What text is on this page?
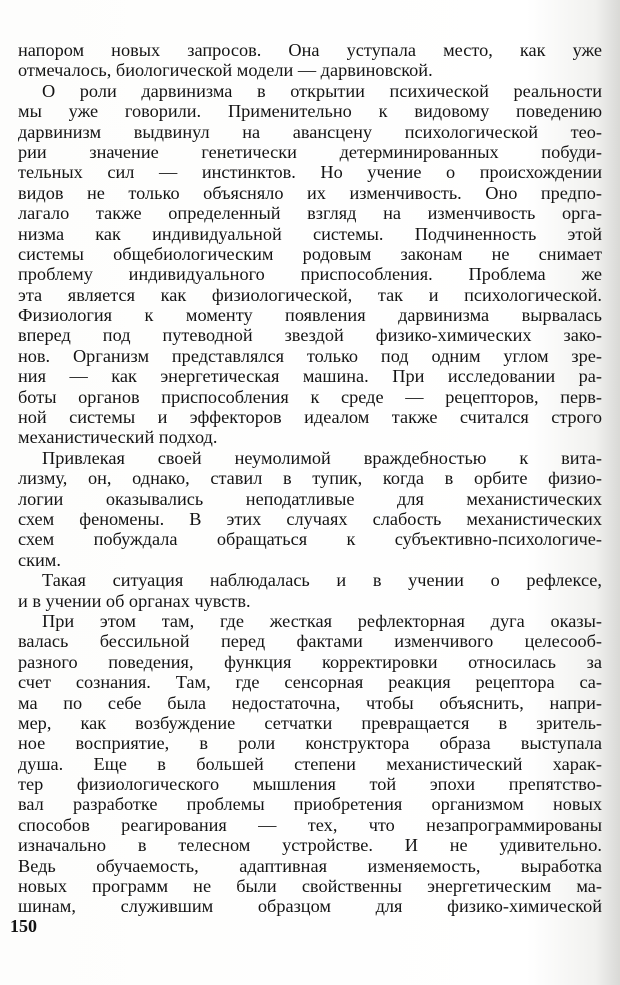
напором новых запросов. Она уступала место, как уже
отмечалось, биологической модели — дарвиновской.
О роли дарвинизма в открытии психической реальности
мы уже говорили. Применительно к видовому поведению
дарвинизм выдвинул на авансцену психологической тео-
рии значение генетически детерминированных побуди-
тельных сил — инстинктов. Но учение о происхождении
видов не только объясняло их изменчивость. Оно предпо-
лагало также определенный взгляд на изменчивость орга-
низма как индивидуальной системы. Подчиненность этой
системы общебиологическим родовым законам не снимает
проблему индивидуального приспособления. Проблема же
эта является как физиологической, так и психологической.
Физиология к моменту появления дарвинизма вырвалась
вперед под путеводной звездой физико-химических зако-
нов. Организм представлялся только под одним углом зре-
ния — как энергетическая машина. При исследовании ра-
боты органов приспособления к среде — рецепторов, перв-
ной системы и эффекторов идеалом также считался строго
механистический подход.
Привлекая своей неумолимой враждебностью к вита-
лизму, он, однако, ставил в тупик, когда в орбите физио-
логии оказывались неподатливые для механистических
схем феномены. В этих случаях слабость механистических
схем побуждала обращаться к субъективно-психологиче-
ским.
Такая ситуация наблюдалась и в учении о рефлексе,
и в учении об органах чувств.
При этом там, где жесткая рефлекторная дуга оказы-
валась бессильной перед фактами изменчивого целесооб-
разного поведения, функция корректировки относилась за
счет сознания. Там, где сенсорная реакция рецептора са-
ма по себе была недостаточна, чтобы объяснить, напри-
мер, как возбуждение сетчатки превращается в зритель-
ное восприятие, в роли конструктора образа выступала
душа. Еще в большей степени механистический харак-
тер физиологического мышления той эпохи препятство-
вал разработке проблемы приобретения организмом новых
способов реагирования — тех, что незапрограммированы
изначально в телесном устройстве. И не удивительно.
Ведь обучаемость, адаптивная изменяемость, выработка
новых программ не были свойственны энергетическим ма-
шинам, служившим образцом для физико-химической
150
